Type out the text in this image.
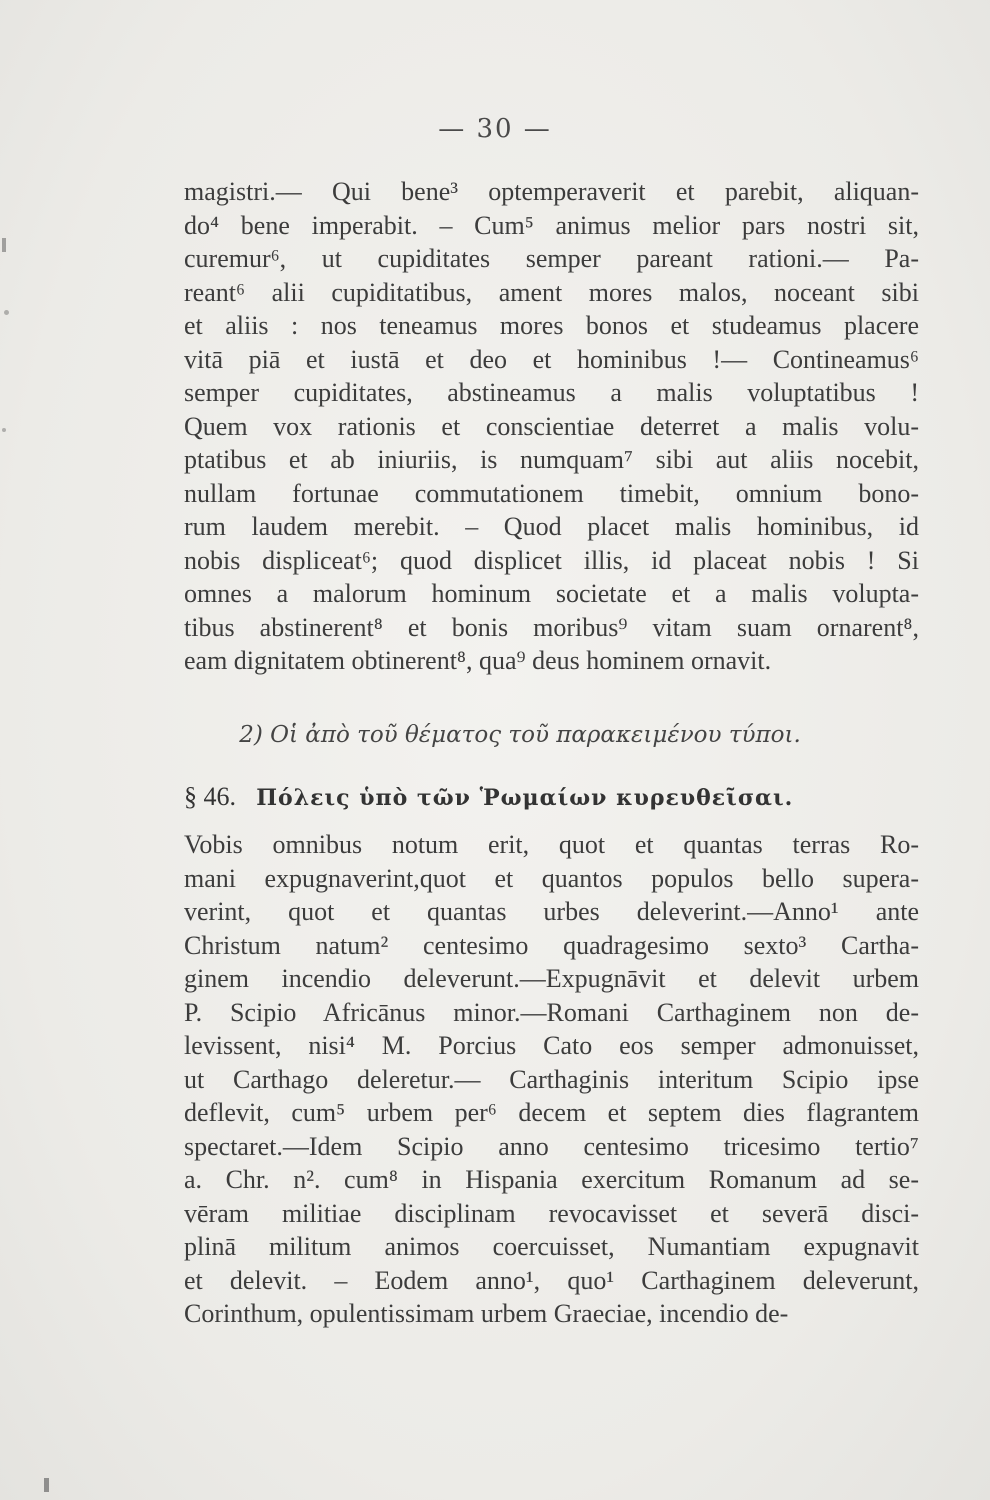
— 30 —
magistri.— Qui bene³ optemperaverit et parebit, aliquan-
do⁴ bene imperabit. – Cum⁵ animus melior pars nostri sit,
curemur⁶, ut cupiditates semper pareant rationi.— Pa-
reant⁶ alii cupiditatibus, ament mores malos, noceant sibi
et aliis : nos teneamus mores bonos et studeamus placere
vitā piā et iustā et deo et hominibus !— Contineamus⁶
semper cupiditates, abstineamus a malis voluptatibus !
Quem vox rationis et conscientiae deterret a malis volu-
ptatibus et ab iniuriis, is numquam⁷ sibi aut aliis nocebit,
nullam fortunae commutationem timebit, omnium bono-
rum laudem merebit. – Quod placet malis hominibus, id
nobis displiceat⁶; quod displicet illis, id placeat nobis ! Si
omnes a malorum hominum societate et a malis volupta-
tibus abstinerent⁸ et bonis moribus⁹ vitam suam ornarent⁸,
eam dignitatem obtinerent⁸, qua⁹ deus hominem ornavit.
2) Οἱ ἀπὸ τοῦ θέματος τοῦ παρακειμένου τύποι.
§ 46. Πόλεις ὑπὸ τῶν Ῥωμαίων κυρευθεῖσαι.
Vobis omnibus notum erit, quot et quantas terras Ro-
mani expugnaverint,quot et quantos populos bello supera-
verint, quot et quantas urbes deleverint.—Anno¹ ante
Christum natum² centesimo quadragesimo sexto³ Cartha-
ginem incendio deleverunt.—Expugnāvit et delevit urbem
P. Scipio Africānus minor.—Romani Carthaginem non de-
levissent, nisi⁴ M. Porcius Cato eos semper admonuisset,
ut Carthago deleretur.— Carthaginis interitum Scipio ipse
deflevit, cum⁵ urbem per⁶ decem et septem dies flagrantem
spectaret.—Idem Scipio anno centesimo tricesimo tertio⁷
a. Chr. n². cum⁸ in Hispania exercitum Romanum ad se-
vēram militiae disciplinam revocavisset et severā disci-
plinā militum animos coercuisset, Numantiam expugnavit
et delevit. – Eodem anno¹, quo¹ Carthaginem deleverunt,
Corinthum, opulentissimam urbem Graeciae, incendio de-
